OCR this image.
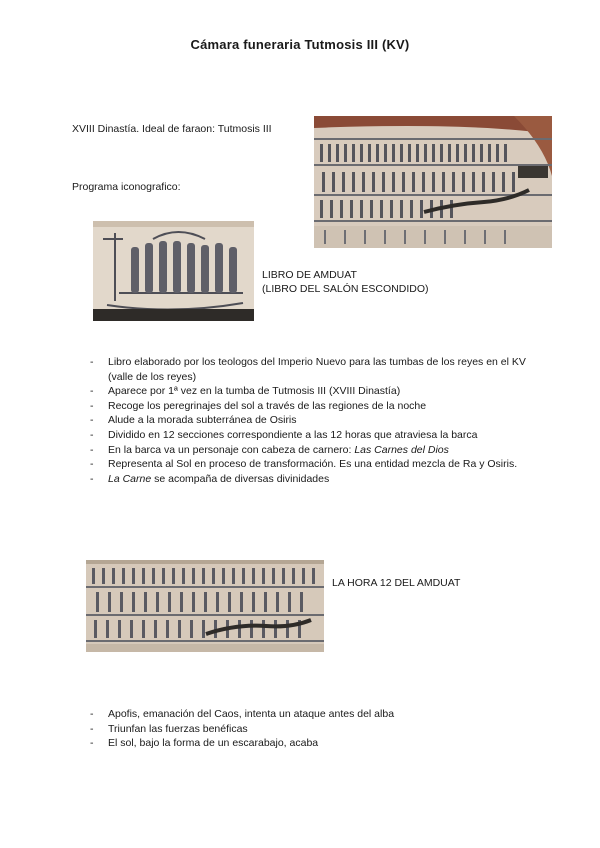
Cámara funeraria Tutmosis III (KV)
XVIII Dinastía. Ideal de faraon: Tutmosis III
Programa iconografico:
LIBRO DE AMDUAT
(LIBRO DEL SALÓN ESCONDIDO)
- Libro elaborado por los teologos del Imperio Nuevo para las tumbas de los reyes en el KV (valle de los reyes)
- Aparece por 1ª vez en la tumba de Tutmosis III (XVIII Dinastía)
- Recoge los peregrinajes del sol a través de las regiones de la noche
- Alude a la morada subterránea de Osiris
- Dividido en 12 secciones correspondiente a las 12 horas que atraviesa la barca
- En la barca va un personaje con cabeza de carnero: Las Carnes del Dios
- Representa al Sol en proceso de transformación. Es una entidad mezcla de Ra y Osiris.
- La Carne se acompaña de diversas divinidades
LA HORA 12 DEL AMDUAT
- Apofis, emanación del Caos, intenta un ataque antes del alba
- Triunfan las fuerzas benéficas
- El sol, bajo la forma de un escarabajo, acaba
